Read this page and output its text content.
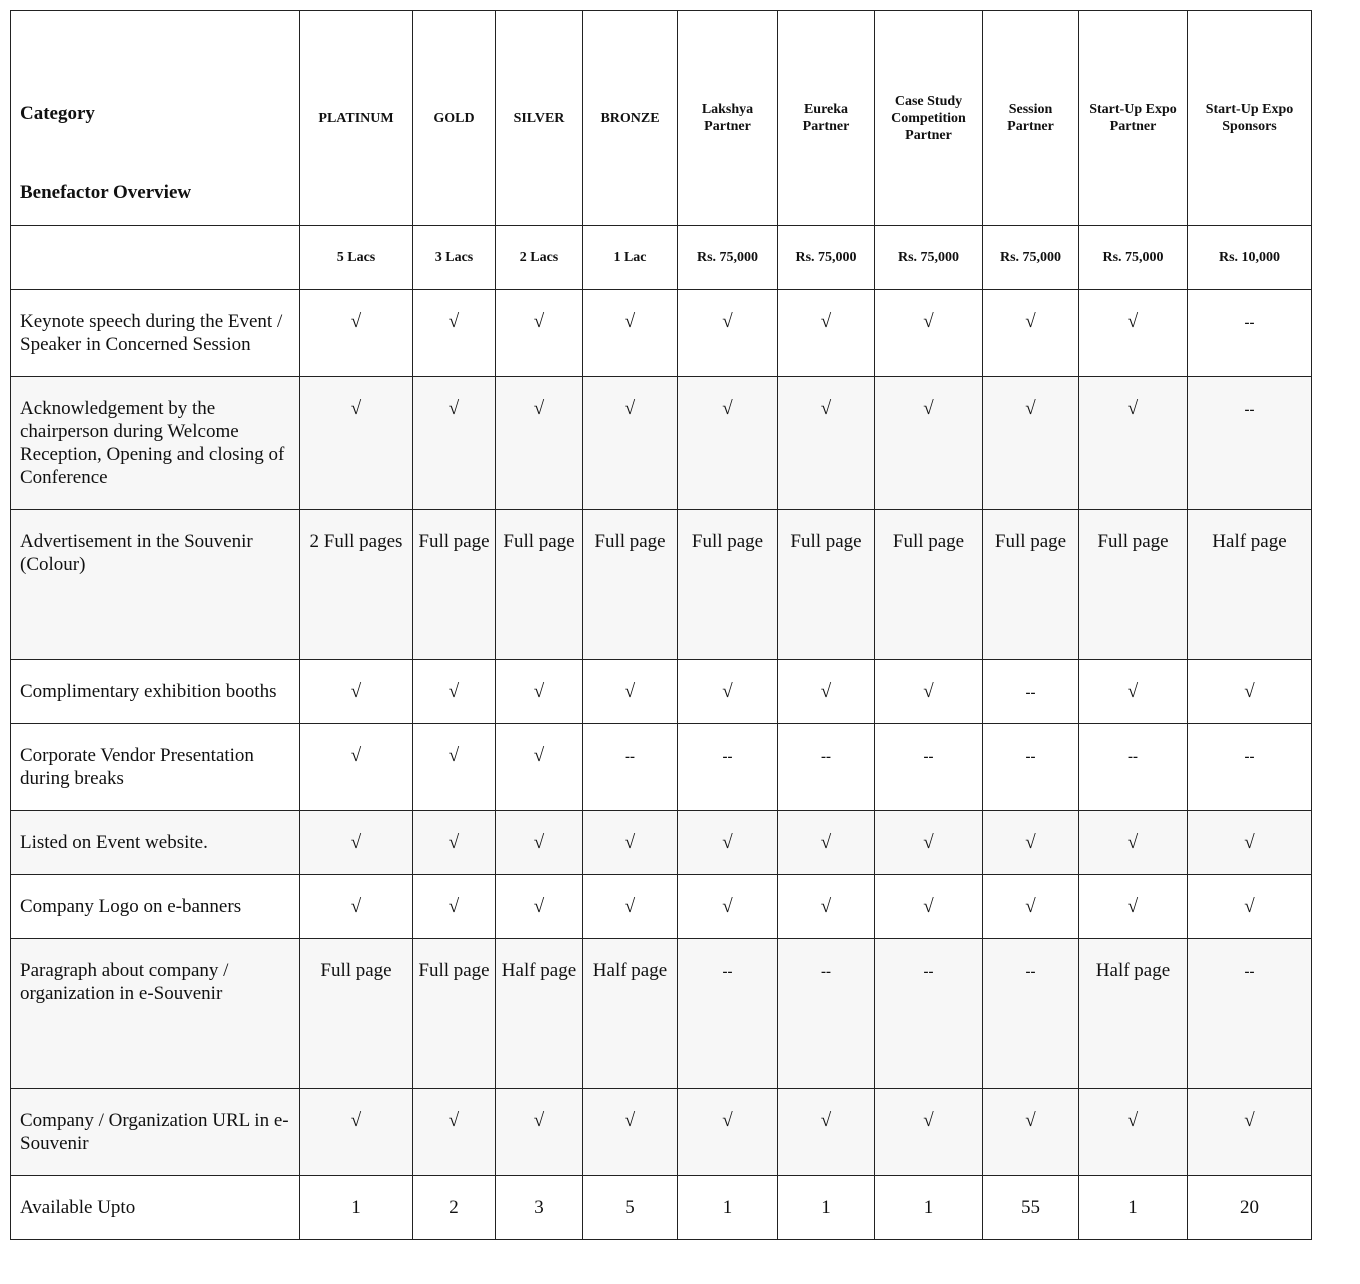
Category
Benefactor Overview	PLATINUM	GOLD	SILVER	BRONZE	Lakshya Partner	Eureka Partner	Case Study Competition Partner	Session Partner	Start-Up Expo Partner	Start-Up Expo Sponsors
	5 Lacs	3 Lacs	2 Lacs	1 Lac	Rs. 75,000	Rs. 75,000	Rs. 75,000	Rs. 75,000	Rs. 75,000	Rs. 10,000
Keynote speech during the Event / Speaker in Concerned Session	√	√	√	√	√	√	√	√	√	--
Acknowledgement by the chairperson during Welcome Reception, Opening and closing of Conference	√	√	√	√	√	√	√	√	√	--
Advertisement in the Souvenir (Colour)	2 Full pages	Full page	Full page	Full page	Full page	Full page	Full page	Full page	Full page	Half page
Complimentary exhibition booths	√	√	√	√	√	√	√	--	√	√
Corporate Vendor Presentation during breaks	√	√	√	--	--	--	--	--	--	--
Listed on Event website.	√	√	√	√	√	√	√	√	√	√
Company Logo on e-banners	√	√	√	√	√	√	√	√	√	√
Paragraph about company / organization in e-Souvenir	Full page	Full page	Half page	Half page	--	--	--	--	Half page	--
Company / Organization URL in e-Souvenir	√	√	√	√	√	√	√	√	√	√
Available Upto	1	2	3	5	1	1	1	55	1	20
